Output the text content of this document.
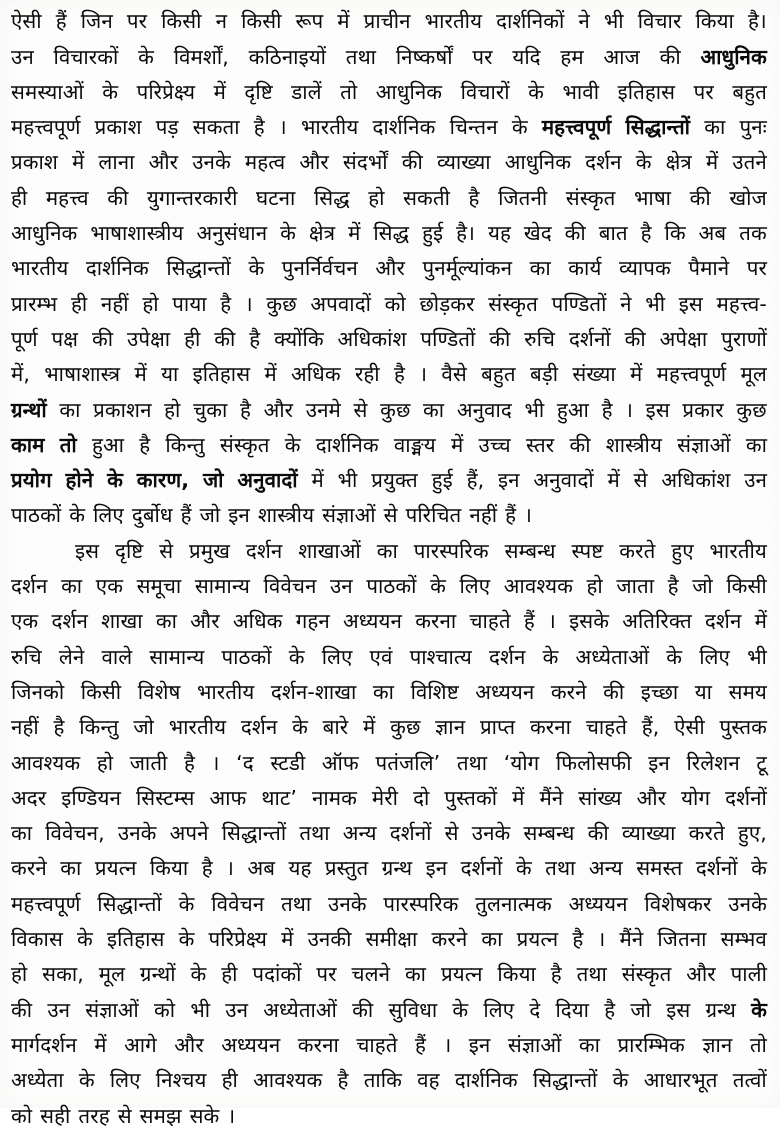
ऐसी हैं जिन पर किसी न किसी रूप में प्राचीन भारतीय दार्शनिकों ने भी विचार किया है।
उन विचारकों के विमर्शों, कठिनाइयों तथा निष्कर्षों पर यदि हम आज की आधुनिक
समस्याओं के परिप्रेक्ष्य में दृष्टि डालें तो आधुनिक विचारों के भावी इतिहास पर बहुत
महत्त्वपूर्ण प्रकाश पड़ सकता है । भारतीय दार्शनिक चिन्तन के महत्त्वपूर्ण सिद्धान्तों का पुनः
प्रकाश में लाना और उनके महत्व और संदर्भों की व्याख्या आधुनिक दर्शन के क्षेत्र में उतने
ही महत्त्व की युगान्तरकारी घटना सिद्ध हो सकती है जितनी संस्कृत भाषा की खोज
आधुनिक भाषाशास्त्रीय अनुसंधान के क्षेत्र में सिद्ध हुई है। यह खेद की बात है कि अब तक
भारतीय दार्शनिक सिद्धान्तों के पुनर्निर्वचन और पुनर्मूल्यांकन का कार्य व्यापक पैमाने पर
प्रारम्भ ही नहीं हो पाया है । कुछ अपवादों को छोड़कर संस्कृत पण्डितों ने भी इस महत्त्व-
पूर्ण पक्ष की उपेक्षा ही की है क्योंकि अधिकांश पण्डितों की रुचि दर्शनों की अपेक्षा पुराणों
में, भाषाशास्त्र में या इतिहास में अधिक रही है । वैसे बहुत बड़ी संख्या में महत्त्वपूर्ण मूल
ग्रन्थों का प्रकाशन हो चुका है और उनमे से कुछ का अनुवाद भी हुआ है । इस प्रकार कुछ
काम तो हुआ है किन्तु संस्कृत के दार्शनिक वाङ्मय में उच्च स्तर की शास्त्रीय संज्ञाओं का
प्रयोग होने के कारण, जो अनुवादों में भी प्रयुक्त हुई हैं, इन अनुवादों में से अधिकांश उन
पाठकों के लिए दुर्बोध हैं जो इन शास्त्रीय संज्ञाओं से परिचित नहीं हैं ।
इस दृष्टि से प्रमुख दर्शन शाखाओं का पारस्परिक सम्बन्ध स्पष्ट करते हुए भारतीय
दर्शन का एक समूचा सामान्य विवेचन उन पाठकों के लिए आवश्यक हो जाता है जो किसी
एक दर्शन शाखा का और अधिक गहन अध्ययन करना चाहते हैं । इसके अतिरिक्त दर्शन में
रुचि लेने वाले सामान्य पाठकों के लिए एवं पाश्चात्य दर्शन के अध्येताओं के लिए भी
जिनको किसी विशेष भारतीय दर्शन-शाखा का विशिष्ट अध्ययन करने की इच्छा या समय
नहीं है किन्तु जो भारतीय दर्शन के बारे में कुछ ज्ञान प्राप्त करना चाहते हैं, ऐसी पुस्तक
आवश्यक हो जाती है । ‘द स्टडी ऑफ पतंजलि’ तथा ‘योग फिलोसफी इन रिलेशन टू
अदर इण्डियन सिस्टम्स आफ थाट’ नामक मेरी दो पुस्तकों में मैंने सांख्य और योग दर्शनों
का विवेचन, उनके अपने सिद्धान्तों तथा अन्य दर्शनों से उनके सम्बन्ध की व्याख्या करते हुए,
करने का प्रयत्न किया है । अब यह प्रस्तुत ग्रन्थ इन दर्शनों के तथा अन्य समस्त दर्शनों के
महत्त्वपूर्ण सिद्धान्तों के विवेचन तथा उनके पारस्परिक तुलनात्मक अध्ययन विशेषकर उनके
विकास के इतिहास के परिप्रेक्ष्य में उनकी समीक्षा करने का प्रयत्न है । मैंने जितना सम्भव
हो सका, मूल ग्रन्थों के ही पदांकों पर चलने का प्रयत्न किया है तथा संस्कृत और पाली
की उन संज्ञाओं को भी उन अध्येताओं की सुविधा के लिए दे दिया है जो इस ग्रन्थ के
मार्गदर्शन में आगे और अध्ययन करना चाहते हैं । इन संज्ञाओं का प्रारम्भिक ज्ञान तो
अध्येता के लिए निश्चय ही आवश्यक है ताकि वह दार्शनिक सिद्धान्तों के आधारभूत तत्वों
को सही तरह से समझ सके ।
